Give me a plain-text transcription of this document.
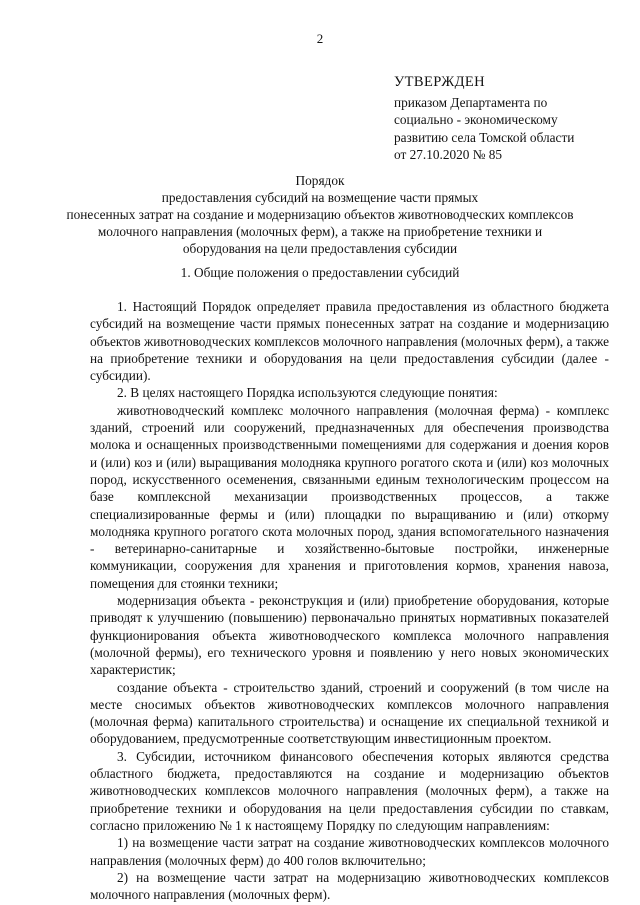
2
УТВЕРЖДЕН
приказом Департамента по
социально - экономическому
развитию села Томской области
от 27.10.2020 № 85
Порядок
предоставления субсидий на возмещение части прямых
понесенных затрат на создание и модернизацию объектов животноводческих комплексов
молочного направления (молочных ферм), а также на приобретение техники и
оборудования на цели предоставления субсидии
1. Общие положения о предоставлении субсидий

1. Настоящий Порядок определяет правила предоставления из областного бюджета субсидий на возмещение части прямых понесенных затрат на создание и модернизацию объектов животноводческих комплексов молочного направления (молочных ферм), а также на приобретение техники и оборудования на цели предоставления субсидии (далее - субсидии).

2. В целях настоящего Порядка используются следующие понятия:

животноводческий комплекс молочного направления (молочная ферма) - комплекс зданий, строений или сооружений, предназначенных для обеспечения производства молока и оснащенных производственными помещениями для содержания и доения коров и (или) коз и (или) выращивания молодняка крупного рогатого скота и (или) коз молочных пород, искусственного осеменения, связанными единым технологическим процессом на базе комплексной механизации производственных процессов, а также специализированные фермы и (или) площадки по выращиванию и (или) откорму молодняка крупного рогатого скота молочных пород, здания вспомогательного назначения - ветеринарно-санитарные и хозяйственно-бытовые постройки, инженерные коммуникации, сооружения для хранения и приготовления кормов, хранения навоза, помещения для стоянки техники;

модернизация объекта - реконструкция и (или) приобретение оборудования, которые приводят к улучшению (повышению) первоначально принятых нормативных показателей функционирования объекта животноводческого комплекса молочного направления (молочной фермы), его технического уровня и появлению у него новых экономических характеристик;

создание объекта - строительство зданий, строений и сооружений (в том числе на месте сносимых объектов животноводческих комплексов молочного направления (молочная ферма) капитального строительства) и оснащение их специальной техникой и оборудованием, предусмотренные соответствующим инвестиционным проектом.

3. Субсидии, источником финансового обеспечения которых являются средства областного бюджета, предоставляются на создание и модернизацию объектов животноводческих комплексов молочного направления (молочных ферм), а также на приобретение техники и оборудования на цели предоставления субсидии по ставкам, согласно приложению № 1 к настоящему Порядку по следующим направлениям:

1) на возмещение части затрат на создание животноводческих комплексов молочного направления (молочных ферм) до 400 голов включительно;

2) на возмещение части затрат на модернизацию животноводческих комплексов молочного направления (молочных ферм).
